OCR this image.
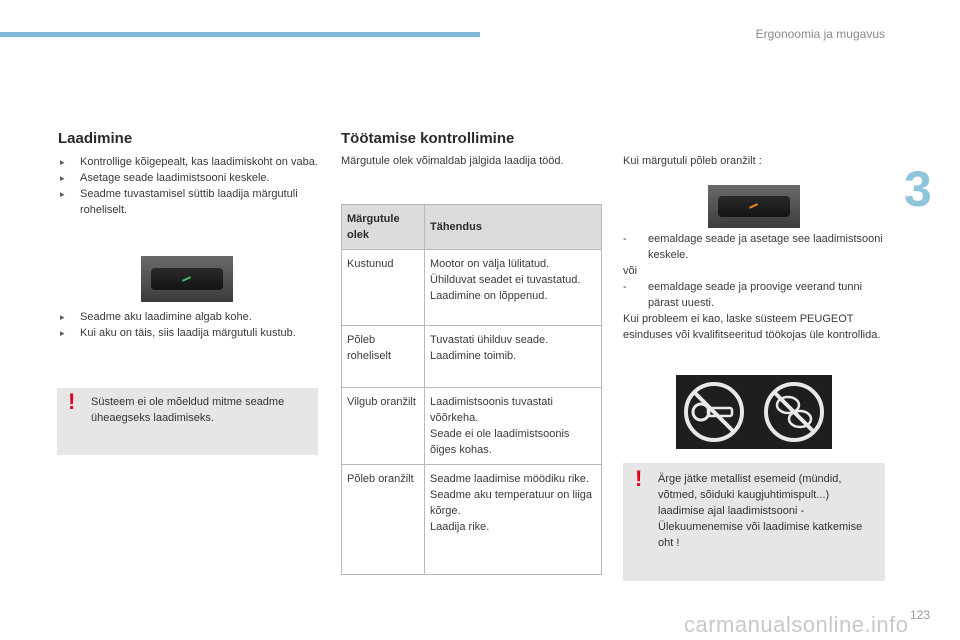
Ergonoomia ja mugavus
3
Laadimine
▸ Kontrollige kõigepealt, kas laadimiskoht on vaba.
▸ Asetage seade laadimistsooni keskele.
▸ Seadme tuvastamisel süttib laadija märgutuli roheliselt.
▸ Seadme aku laadimine algab kohe.
▸ Kui aku on täis, siis laadija märgutuli kustub.
! Süsteem ei ole mõeldud mitme seadme üheaegseks laadimiseks.
Töötamise kontrollimine
Märgutule olek võimaldab jälgida laadija tööd.
Märgutule olek	Tähendus
Kustunud	Mootor on välja lülitatud.
Ühilduvat seadet ei tuvastatud.
Laadimine on lõppenud.

Põleb roheliselt	Tuvastati ühilduv seade.
Laadimine toimib.

Vilgub oranžilt	Laadimistsoonis tuvastati võõrkeha.
Seade ei ole laadimistsoonis õiges kohas.

Põleb oranžilt	Seadme laadimise möödiku rike.
Seadme aku temperatuur on liiga kõrge.
Laadija rike.
Kui märgutuli põleb oranžilt :
- eemaldage seade ja asetage see laadimistsooni keskele.
või
- eemaldage seade ja proovige veerand tunni pärast uuesti.
Kui probleem ei kao, laske süsteem PEUGEOT esinduses või kvalifitseeritud töökojas üle kontrollida.
! Ärge jätke metallist esemeid (mündid, võtmed, sõiduki kaugjuhtimispult...) laadimise ajal laadimistsooni - Ülekuumenemise või laadimise katkemise oht !
123
carmanualsonline.info
